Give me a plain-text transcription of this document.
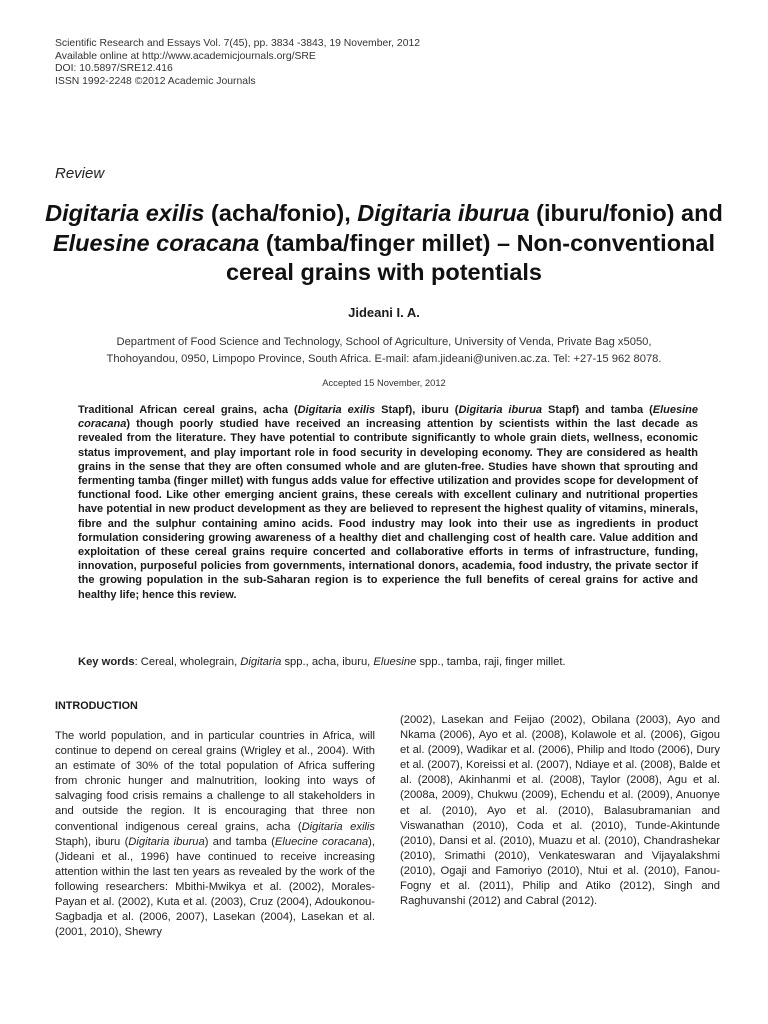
Scientific Research and Essays Vol. 7(45), pp. 3834 -3843, 19 November, 2012
Available online at http://www.academicjournals.org/SRE
DOI: 10.5897/SRE12.416
ISSN 1992-2248 ©2012 Academic Journals
Review
Digitaria exilis (acha/fonio), Digitaria iburua (iburu/fonio) and Eluesine coracana (tamba/finger millet) – Non-conventional cereal grains with potentials
Jideani I. A.
Department of Food Science and Technology, School of Agriculture, University of Venda, Private Bag x5050,
Thohoyandou, 0950, Limpopo Province, South Africa. E-mail: afam.jideani@univen.ac.za. Tel: +27-15 962 8078.
Accepted 15 November, 2012
Traditional African cereal grains, acha (Digitaria exilis Stapf), iburu (Digitaria iburua Stapf) and tamba (Eluesine coracana) though poorly studied have received an increasing attention by scientists within the last decade as revealed from the literature. They have potential to contribute significantly to whole grain diets, wellness, economic status improvement, and play important role in food security in developing economy. They are considered as health grains in the sense that they are often consumed whole and are gluten-free. Studies have shown that sprouting and fermenting tamba (finger millet) with fungus adds value for effective utilization and provides scope for development of functional food. Like other emerging ancient grains, these cereals with excellent culinary and nutritional properties have potential in new product development as they are believed to represent the highest quality of vitamins, minerals, fibre and the sulphur containing amino acids. Food industry may look into their use as ingredients in product formulation considering growing awareness of a healthy diet and challenging cost of health care. Value addition and exploitation of these cereal grains require concerted and collaborative efforts in terms of infrastructure, funding, innovation, purposeful policies from governments, international donors, academia, food industry, the private sector if the growing population in the sub-Saharan region is to experience the full benefits of cereal grains for active and healthy life; hence this review.
Key words: Cereal, wholegrain, Digitaria spp., acha, iburu, Eluesine spp., tamba, raji, finger millet.
INTRODUCTION
The world population, and in particular countries in Africa, will continue to depend on cereal grains (Wrigley et al., 2004). With an estimate of 30% of the total population of Africa suffering from chronic hunger and malnutrition, looking into ways of salvaging food crisis remains a challenge to all stakeholders in and outside the region. It is encouraging that three non conventional indigenous cereal grains, acha (Digitaria exilis Staph), iburu (Digitaria iburua) and tamba (Eluecine coracana), (Jideani et al., 1996) have continued to receive increasing attention within the last ten years as revealed by the work of the following researchers: Mbithi-Mwikya et al. (2002), Morales-Payan et al. (2002), Kuta et al. (2003), Cruz (2004), Adoukonou-Sagbadja et al. (2006, 2007), Lasekan (2004), Lasekan et al. (2001, 2010), Shewry
(2002), Lasekan and Feijao (2002), Obilana (2003), Ayo and Nkama (2006), Ayo et al. (2008), Kolawole et al. (2006), Gigou et al. (2009), Wadikar et al. (2006), Philip and Itodo (2006), Dury et al. (2007), Koreissi et al. (2007), Ndiaye et al. (2008), Balde et al. (2008), Akinhanmi et al. (2008), Taylor (2008), Agu et al. (2008a, 2009), Chukwu (2009), Echendu et al. (2009), Anuonye et al. (2010), Ayo et al. (2010), Balasubramanian and Viswanathan (2010), Coda et al. (2010), Tunde-Akintunde (2010), Dansi et al. (2010), Muazu et al. (2010), Chandrashekar (2010), Srimathi (2010), Venkateswaran and Vijayalakshmi (2010), Ogaji and Famoriyo (2010), Ntui et al. (2010), Fanou-Fogny et al. (2011), Philip and Atiko (2012), Singh and Raghuvanshi (2012) and Cabral (2012).
